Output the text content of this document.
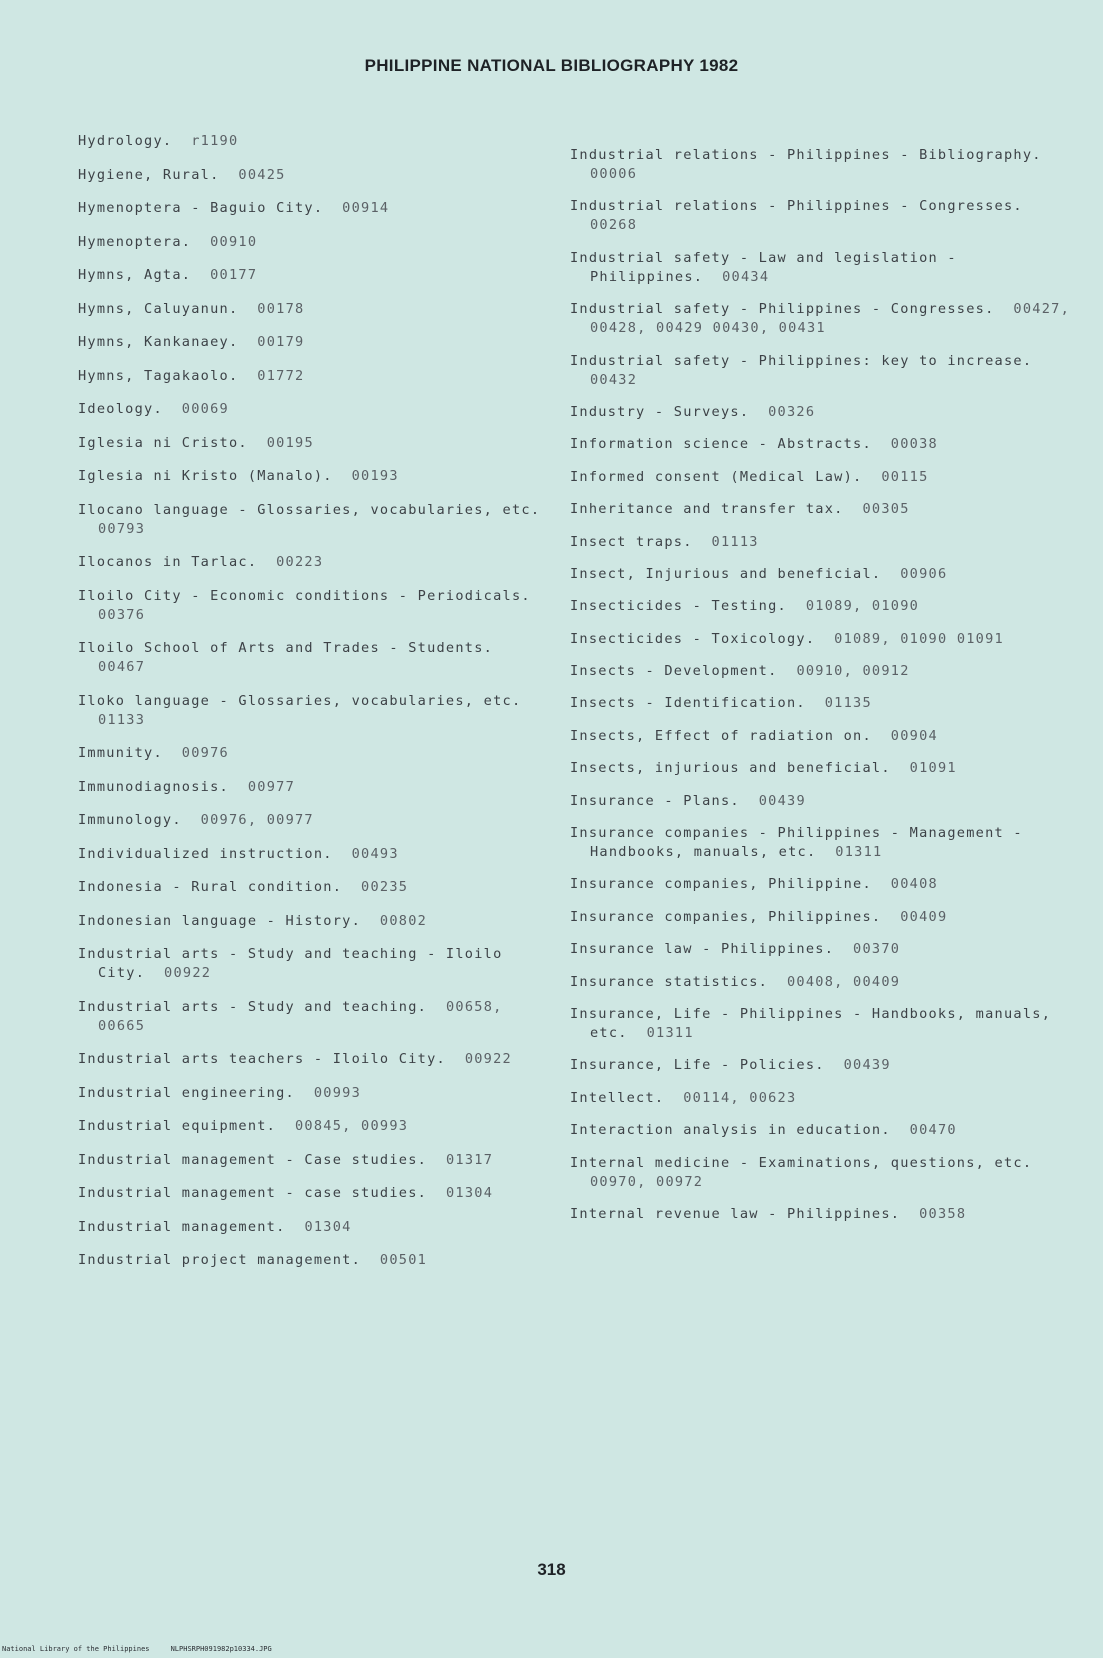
PHILIPPINE NATIONAL BIBLIOGRAPHY 1982
Hydrology. r1190
Hygiene, Rural. 00425
Hymenoptera - Baguio City. 00914
Hymenoptera. 00910
Hymns, Agta. 00177
Hymns, Caluyanun. 00178
Hymns, Kankanaey. 00179
Hymns, Tagakaolo. 01772
Ideology. 00069
Iglesia ni Cristo. 00195
Iglesia ni Kristo (Manalo). 00193
Ilocano language - Glossaries, vocabularies, etc.  00793
Ilocanos in Tarlac. 00223
Iloilo City - Economic conditions - Periodicals.  00376
Iloilo School of Arts and Trades - Students.  00467
Iloko language - Glossaries, vocabularies, etc.  01133
Immunity. 00976
Immunodiagnosis. 00977
Immunology. 00976, 00977
Individualized instruction. 00493
Indonesia - Rural condition. 00235
Indonesian language - History. 00802
Industrial arts - Study and teaching - Iloilo City. 00922
Industrial arts - Study and teaching. 00658, 00665
Industrial arts teachers - Iloilo City. 00922
Industrial engineering. 00993
Industrial equipment. 00845, 00993
Industrial management - Case studies. 01317
Industrial management - case studies. 01304
Industrial management. 01304
Industrial project management. 00501
Industrial relations - Philippines - Bibliography.  00006
Industrial relations - Philippines - Congresses.  00268
Industrial safety - Law and legislation - Philippines. 00434
Industrial safety - Philippines - Congresses. 00427, 00428, 00429 00430, 00431
Industrial safety - Philippines: key to increase.  00432
Industry - Surveys. 00326
Information science - Abstracts. 00038
Informed consent (Medical Law). 00115
Inheritance and transfer tax. 00305
Insect traps. 01113
Insect, Injurious and beneficial. 00906
Insecticides - Testing. 01089, 01090
Insecticides - Toxicology. 01089, 01090 01091
Insects - Development. 00910, 00912
Insects - Identification. 01135
Insects, Effect of radiation on. 00904
Insects, injurious and beneficial. 01091
Insurance - Plans. 00439
Insurance companies - Philippines - Management - Handbooks, manuals, etc. 01311
Insurance companies, Philippine. 00408
Insurance companies, Philippines. 00409
Insurance law - Philippines. 00370
Insurance statistics. 00408, 00409
Insurance, Life - Philippines - Handbooks, manuals, etc. 01311
Insurance, Life - Policies. 00439
Intellect. 00114, 00623
Interaction analysis in education. 00470
Internal medicine - Examinations, questions, etc.  00970, 00972
Internal revenue law - Philippines. 00358
318
National Library of the Philippines	NLPHSRPH091982p10334.JPG
